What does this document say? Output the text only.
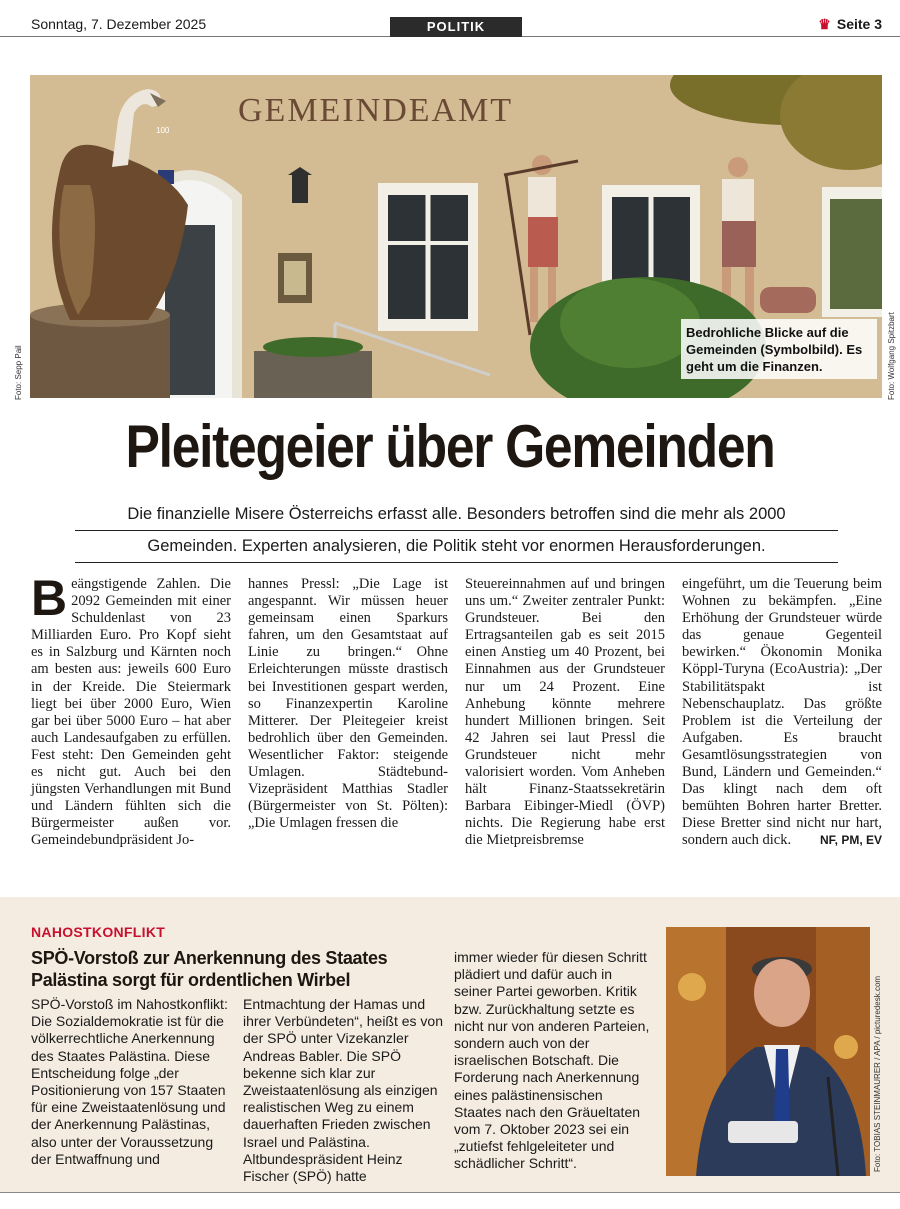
Sonntag, 7. Dezember 2025	POLITIK	♛ Seite 3
GEMEINDEAMT
100
Foto: Sepp Pail	Foto: Wolfgang Spitzbart
Bedrohliche Blicke auf die Gemeinden (Symbolbild). Es geht um die Finanzen.
Pleitegeier über Gemeinden
Die finanzielle Misere Österreichs erfasst alle. Besonders betroffen sind die mehr als 2000
Gemeinden. Experten analysieren, die Politik steht vor enormen Herausforderungen.
Beängstigende Zahlen. Die 2092 Gemeinden mit einer Schuldenlast von 23 Milliarden Euro. Pro Kopf sieht es in Salzburg und Kärnten noch am besten aus: jeweils 600 Euro in der Kreide. Die Steiermark liegt bei über 2000 Euro, Wien gar bei über 5000 Euro – hat aber auch Landesaufgaben zu erfüllen. Fest steht: Den Gemeinden geht es nicht gut. Auch bei den jüngsten Verhandlungen mit Bund und Ländern fühlten sich die Bürgermeister außen vor. Gemeindebundpräsident Jo-
hannes Pressl: „Die Lage ist angespannt. Wir müssen heuer gemeinsam einen Sparkurs fahren, um den Gesamtstaat auf Linie zu bringen.“ Ohne Erleichterungen müsste drastisch bei Investitionen gespart werden, so Finanzexpertin Karoline Mitterer. Der Pleitegeier kreist bedrohlich über den Gemeinden. Wesentlicher Faktor: steigende Umlagen. Städtebund-Vizepräsident Matthias Stadler (Bürgermeister von St. Pölten): „Die Umlagen fressen die
Steuereinnahmen auf und bringen uns um.“ Zweiter zentraler Punkt: Grundsteuer. Bei den Ertragsanteilen gab es seit 2015 einen Anstieg um 40 Prozent, bei Einnahmen aus der Grundsteuer nur um 24 Prozent. Eine Anhebung könnte mehrere hundert Millionen bringen. Seit 42 Jahren sei laut Pressl die Grundsteuer nicht mehr valorisiert worden. Vom Anheben hält Finanz-Staatssekretärin Barbara Eibinger-Miedl (ÖVP) nichts. Die Regierung habe erst die Mietpreisbremse
eingeführt, um die Teuerung beim Wohnen zu bekämpfen. „Eine Erhöhung der Grundsteuer würde das genaue Gegenteil bewirken.“ Ökonomin Monika Köppl-Turyna (EcoAustria): „Der Stabilitätspakt ist Nebenschauplatz. Das größte Problem ist die Verteilung der Aufgaben. Es braucht Gesamtlösungsstrategien von Bund, Ländern und Gemeinden.“ Das klingt nach dem oft bemühten Bohren harter Bretter. Diese Bretter sind nicht nur hart, sondern auch dick. NF, PM, EV
NAHOSTKONFLIKT
SPÖ-Vorstoß zur Anerkennung des Staates Palästina sorgt für ordentlichen Wirbel
SPÖ-Vorstoß im Nahostkonflikt: Die Sozialdemokratie ist für die völkerrechtliche Anerkennung des Staates Palästina. Diese Entscheidung folge „der Positionierung von 157 Staaten für eine Zweistaatenlösung und der Anerkennung Palästinas, also unter der Voraussetzung der Entwaffnung und
Entmachtung der Hamas und ihrer Verbündeten“, heißt es von der SPÖ unter Vizekanzler Andreas Babler. Die SPÖ bekenne sich klar zur Zweistaatenlösung als einzigen realistischen Weg zu einem dauerhaften Frieden zwischen Israel und Palästina. Altbundespräsident Heinz Fischer (SPÖ) hatte
immer wieder für diesen Schritt plädiert und dafür auch in seiner Partei geworben. Kritik bzw. Zurückhaltung setzte es nicht nur von anderen Parteien, sondern auch von der israelischen Botschaft. Die Forderung nach Anerkennung eines palästinensischen Staates nach den Gräueltaten vom 7. Oktober 2023 sei ein „zutiefst fehlgeleiteter und schädlicher Schritt“.	Foto: TOBIAS STEINMAURER / APA / picturedesk.com
